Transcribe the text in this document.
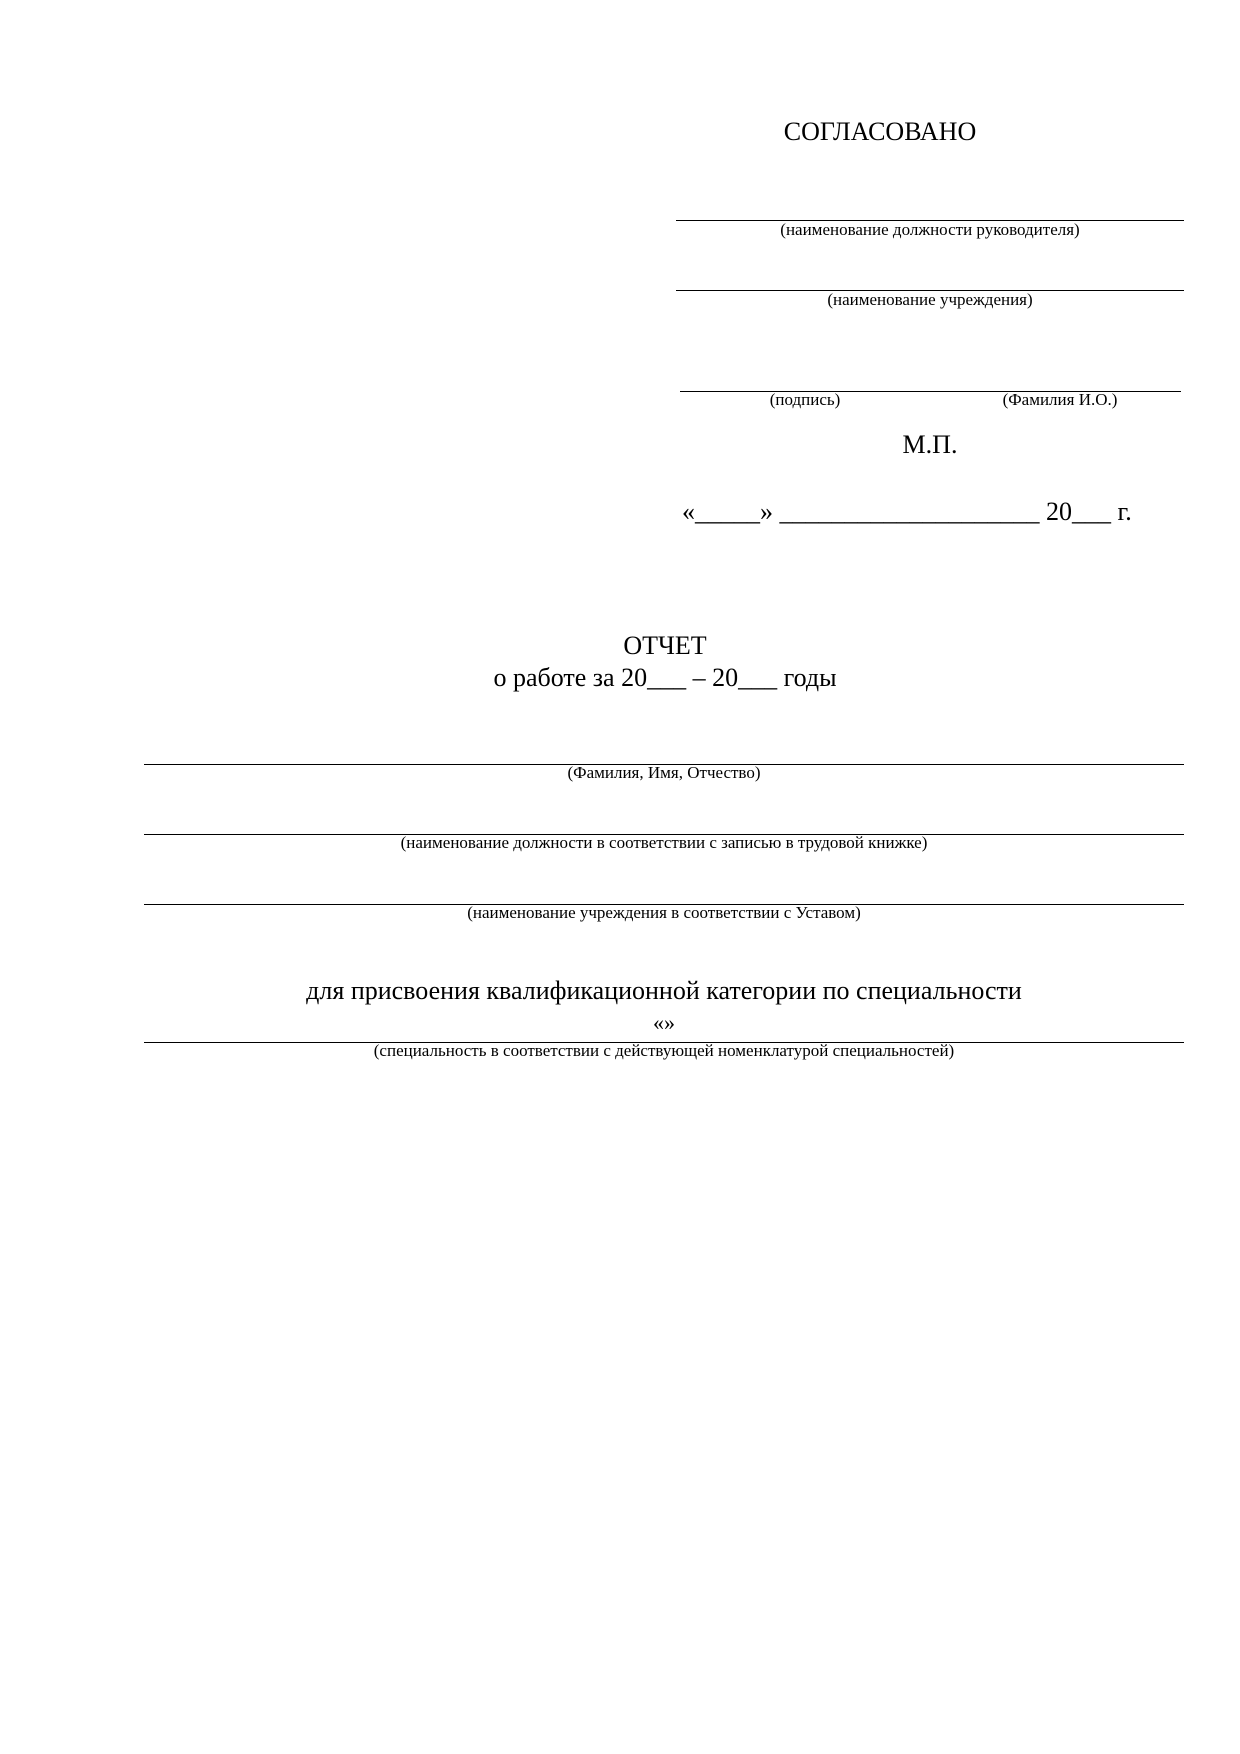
СОГЛАСОВАНО
(наименование должности руководителя)
(наименование учреждения)
(подпись)	(Фамилия И.О.)
М.П.
«_____» ____________________ 20___ г.
ОТЧЕТ
о работе за 20___ – 20___ годы
(Фамилия, Имя, Отчество)
(наименование должности в соответствии с записью в трудовой книжке)
(наименование учреждения в соответствии с Уставом)
для присвоения квалификационной категории по специальности
«»
(специальность в соответствии с действующей номенклатурой специальностей)
